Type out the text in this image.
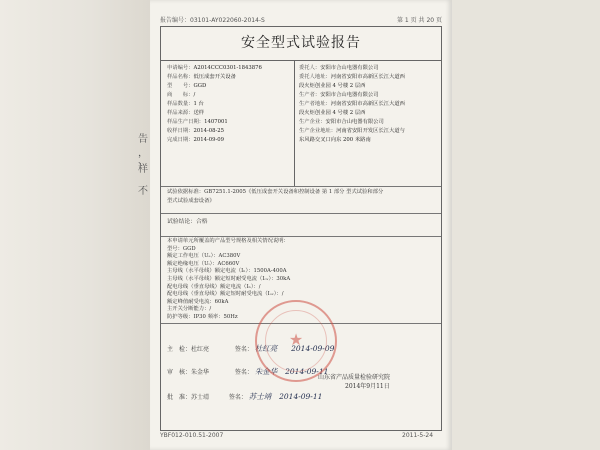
告
，
、
样
不
报告编号：03101-AY022060-2014-S	第 1 页 共 20 页
安全型式试验报告
申请编号：A2014CCC0301-1843876
样品名称：低压成套开关设备
型　　号：GGD
商　　标：/
样品数量：1 台
样品来源：送样
样品生产日期：1407001
收样日期：2014-08-25
完成日期：2014-09-09
委托人：安阳市合山电器有限公司
委托人地址：河南省安阳市高新区长江大道西
段火炬创业园 4 号楼 2 层西
生产者：安阳市合山电器有限公司
生产者地址：河南省安阳市高新区长江大道西
段火炬创业园 4 号楼 2 层西
生产企业：安阳市合山电器有限公司
生产企业地址：河南省安阳开发区长江大道与
东风路交叉口向东 200 米路南
试验依据标准：GB7251.1-2005《低压成套开关设备和控制设备 第 1 部分 型式试验和部分
型式试验成套设备》
试验结论：合格
本申请单元所覆盖的产品型号规格及相关情况说明：
型号：GGD
额定工作电压（Uₑ）：AC380V
额定绝缘电压（Uᵢ）：AC660V
主母线（水平母线）额定电流（Iₙ）：1500A-400A
主母线（水平母线）额定短时耐受电流（Iₒᵥ）：30kA
配电母线（垂直母线）额定电流（Iₙ）：/
配电母线（垂直母线）额定短时耐受电流（Iₒᵥ）：/
额定峰值耐受电流：60kA
主开关分断能力：/
防护等级：IP30 频率：50Hz
主　检：杜红亮	签名： 杜红亮 2014-09-09
审　核：朱金华	签名： 朱金华 2014-09-11
批　准：苏士靖	签名： 苏士靖 2014-09-11
★
山东省产品质量检验研究院
2014年9月11日
YBF012-010.51-2007	2011-5-24
